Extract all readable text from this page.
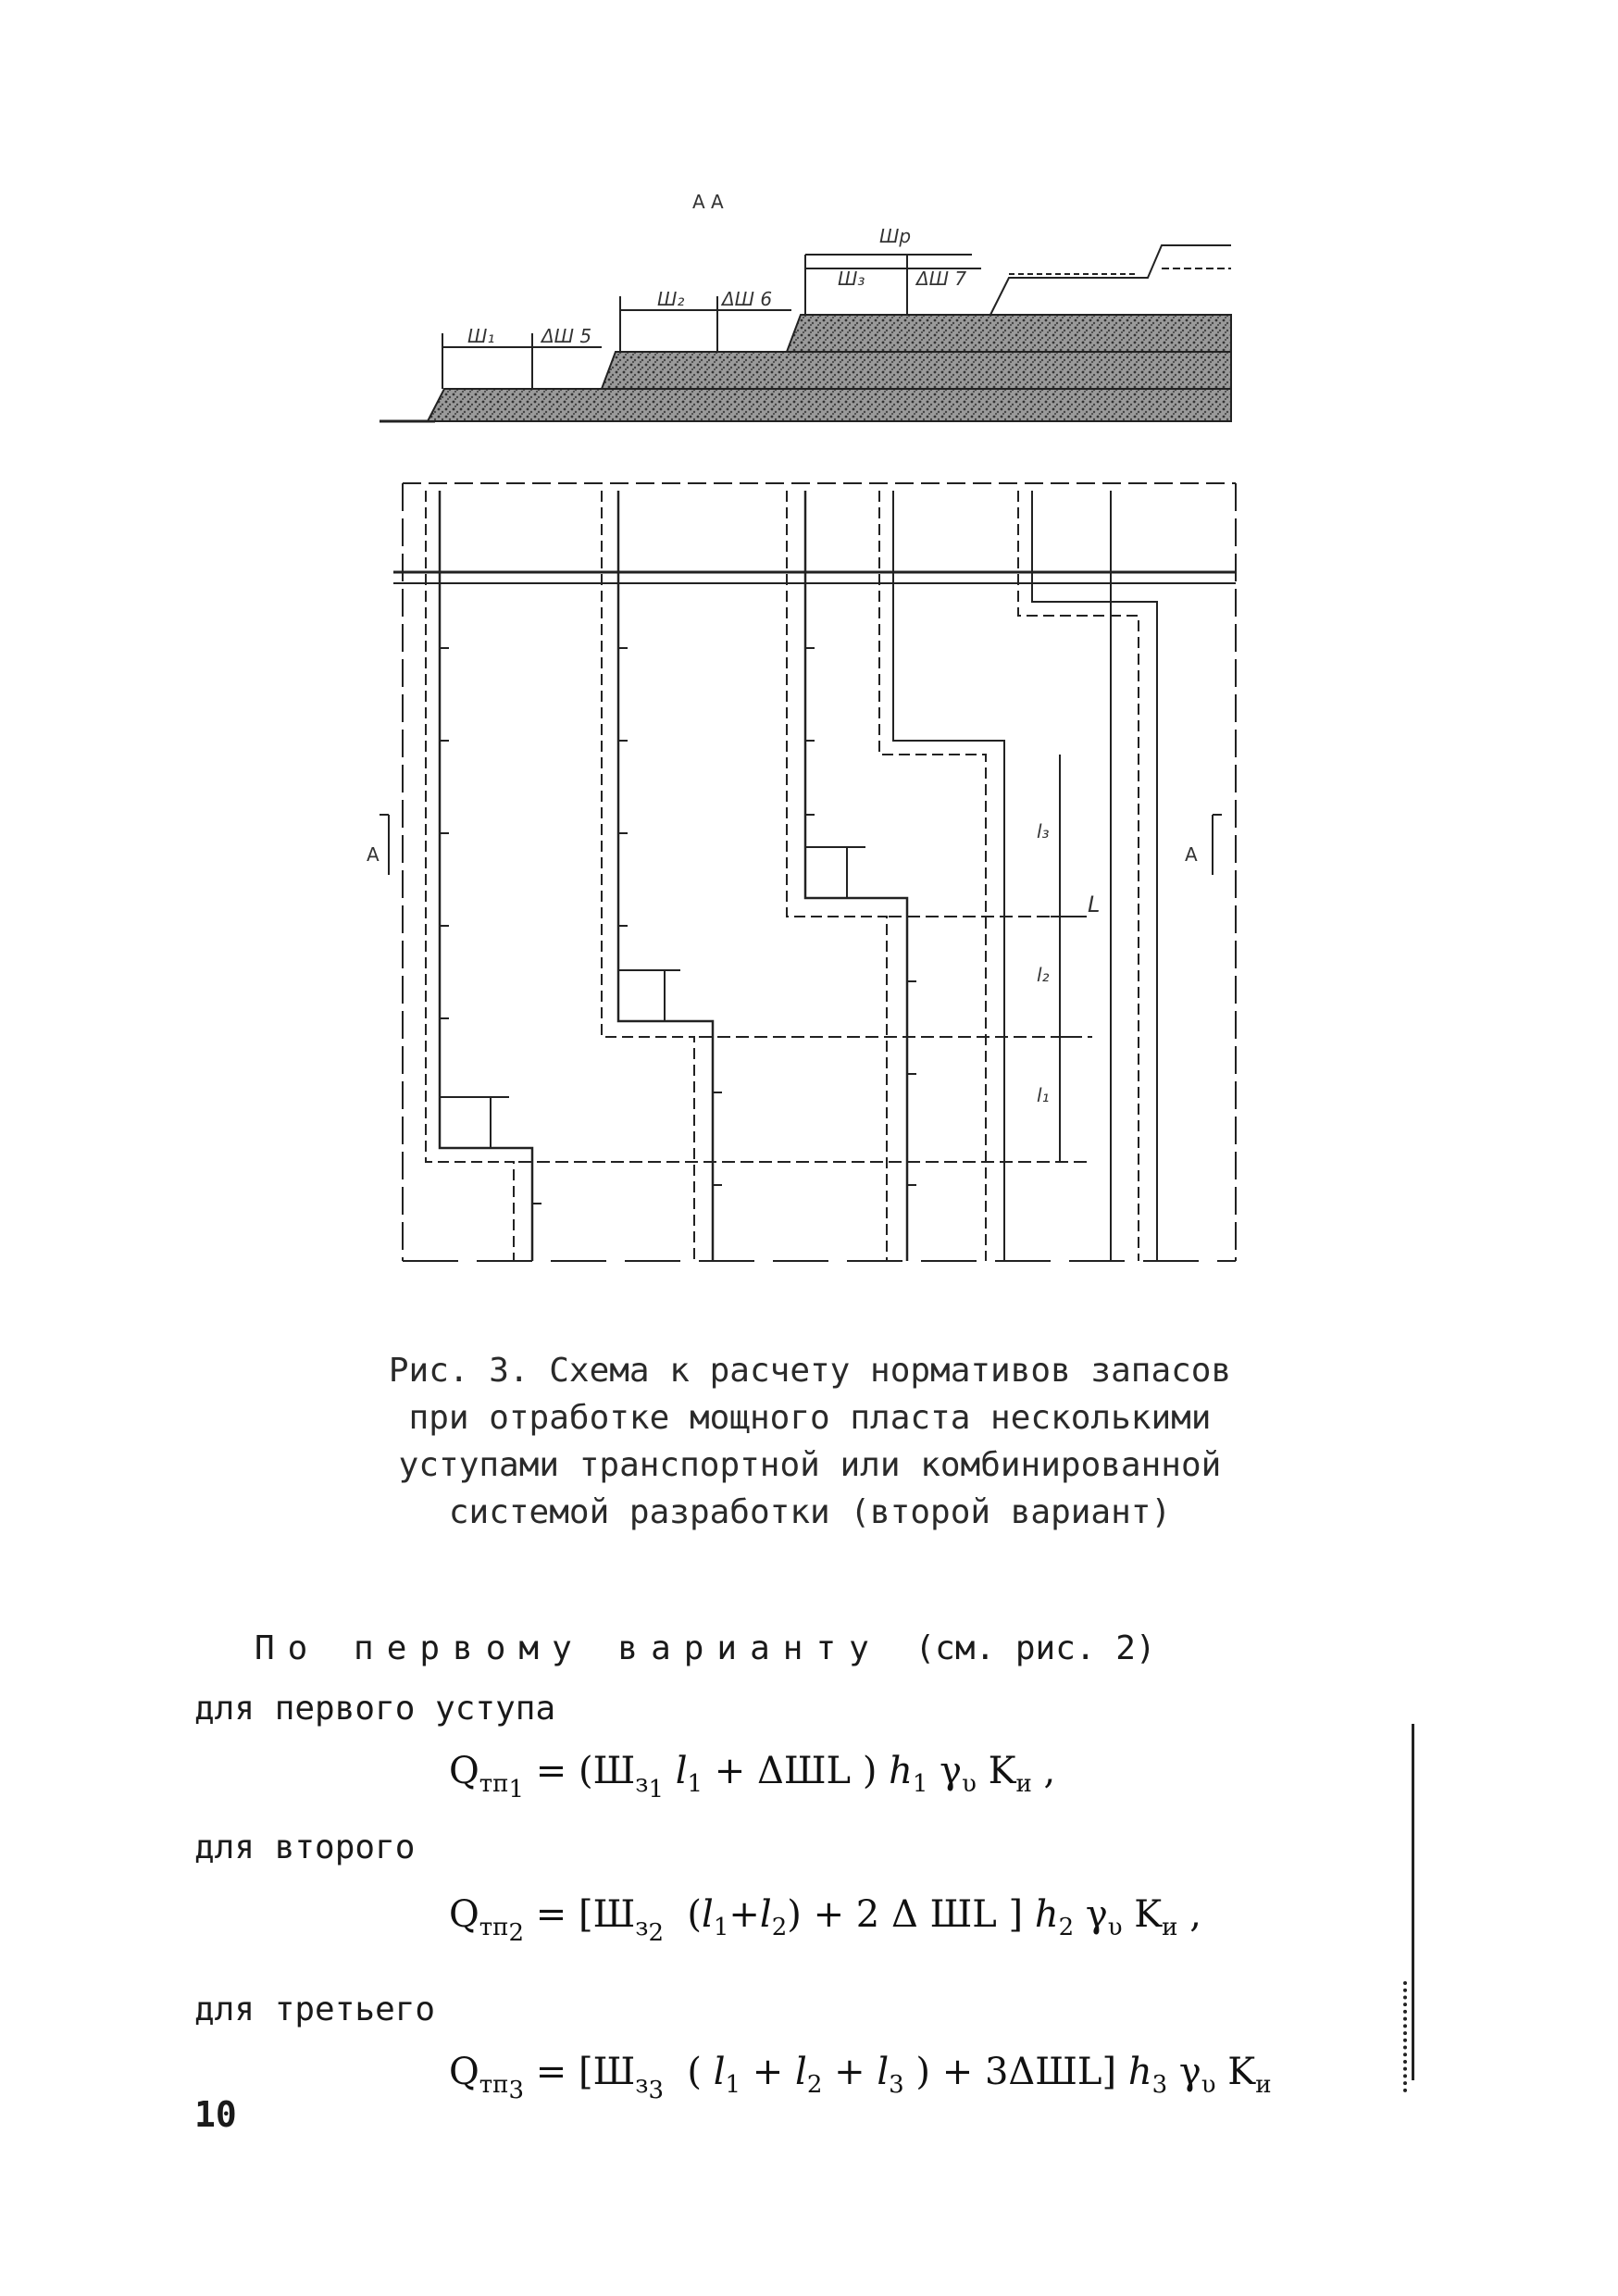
А А
Ш₁	ΔШ 5
Ш₂ ΔШ 6
Ш₃	ΔШ 7
Шр
l₁
l₂
l₃
L
А	А
Рис. 3. Схема к расчету нормативов запасов
при отработке мощного пласта несколькими
уступами транспортной или комбинированной
системой разработки (второй вариант)
По первому варианту (см. рис. 2)
для первого уступа
$Q_{тп_1} = (Ш_{з_1}$ $l_1 + \Delta ШL$ ) $h_1$ $\gamma_\upsilon$ $K_и$ ,
для второго
$Q_{тп_2} = [Ш_{з_2}$  $(l_1+l_2) + 2$ Δ ШL ] $h_2$ $\gamma_\upsilon$ $K_и$ ,
для третьего
$Q_{тп_3} = [Ш_{з_3}$  ( $l_1 + l_2 + l_3$ ) + 3ΔШL] $h_3$ $\gamma_\upsilon$ $K_и$
10
